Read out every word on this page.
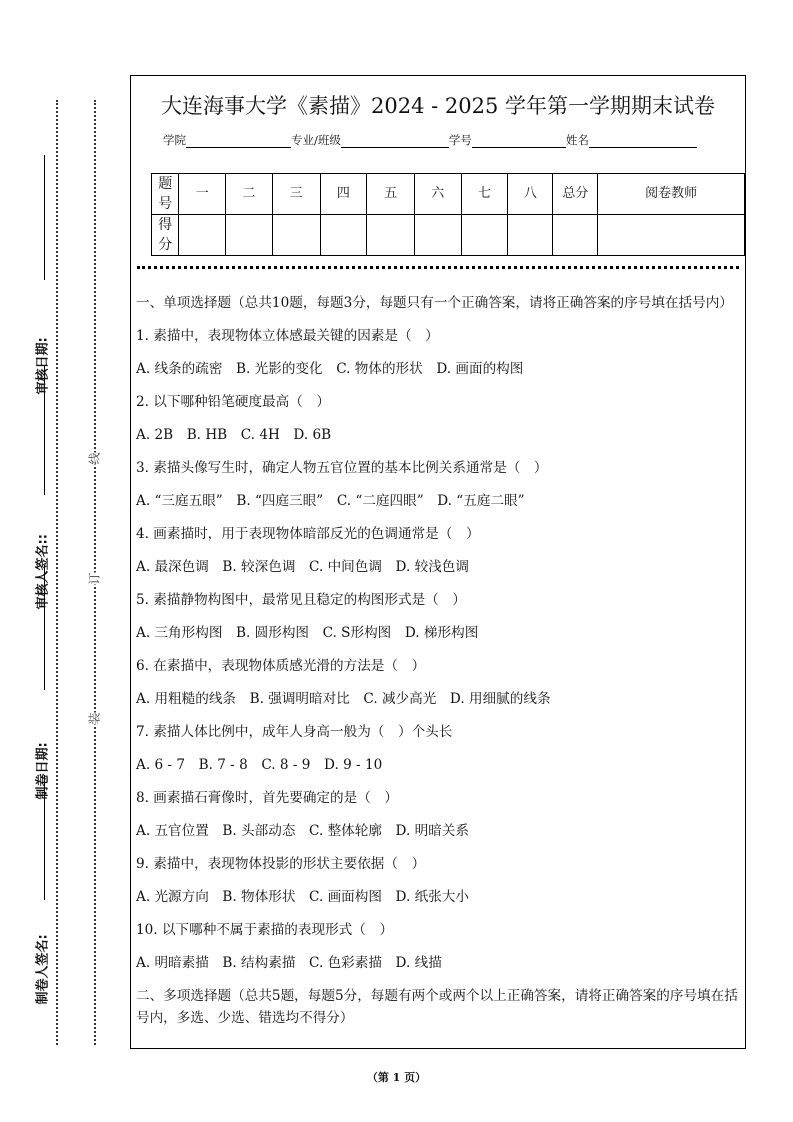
制卷人签名:
制卷日期:
审核人签名::
审核日期:
装
订
线
大连海事大学《素描》2024 - 2025 学年第一学期期末试卷
学院	专业/班级	学号	姓名
题号	一	二	三	四	五	六	七	八	总分	阅卷教师
得分										
一、单项选择题（总共10题，每题3分，每题只有一个正确答案，请将正确答案的序号填在括号内）
1. 素描中，表现物体立体感最关键的因素是（　）
A. 线条的疏密　B. 光影的变化　C. 物体的形状　D. 画面的构图
2. 以下哪种铅笔硬度最高（　）
A. 2B　B. HB　C. 4H　D. 6B
3. 素描头像写生时，确定人物五官位置的基本比例关系通常是（　）
A. “三庭五眼”　B. “四庭三眼”　C. “二庭四眼”　D. “五庭二眼”
4. 画素描时，用于表现物体暗部反光的色调通常是（　）
A. 最深色调　B. 较深色调　C. 中间色调　D. 较浅色调
5. 素描静物构图中，最常见且稳定的构图形式是（　）
A. 三角形构图　B. 圆形构图　C. S形构图　D. 梯形构图
6. 在素描中，表现物体质感光滑的方法是（　）
A. 用粗糙的线条　B. 强调明暗对比　C. 减少高光　D. 用细腻的线条
7. 素描人体比例中，成年人身高一般为（　）个头长
A. 6 - 7　B. 7 - 8　C. 8 - 9　D. 9 - 10
8. 画素描石膏像时，首先要确定的是（　）
A. 五官位置　B. 头部动态　C. 整体轮廓　D. 明暗关系
9. 素描中，表现物体投影的形状主要依据（　）
A. 光源方向　B. 物体形状　C. 画面构图　D. 纸张大小
10. 以下哪种不属于素描的表现形式（　）
A. 明暗素描　B. 结构素描　C. 色彩素描　D. 线描
二、多项选择题（总共5题，每题5分，每题有两个或两个以上正确答案，请将正确答案的序号填在括号内，多选、少选、错选均不得分）
（第 1 页）
